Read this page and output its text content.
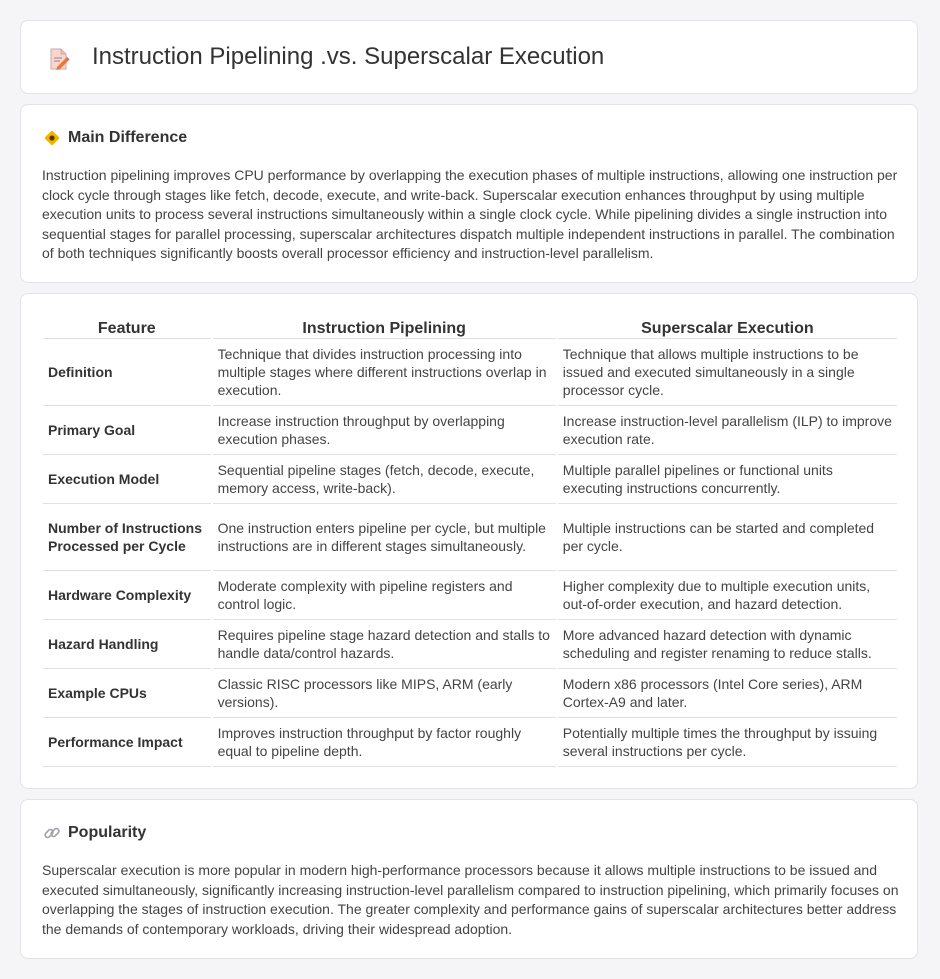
Instruction Pipelining .vs. Superscalar Execution
Main Difference

Instruction pipelining improves CPU performance by overlapping the execution phases of multiple instructions, allowing one instruction per clock cycle through stages like fetch, decode, execute, and write-back. Superscalar execution enhances throughput by using multiple execution units to process several instructions simultaneously within a single clock cycle. While pipelining divides a single instruction into sequential stages for parallel processing, superscalar architectures dispatch multiple independent instructions in parallel. The combination of both techniques significantly boosts overall processor efficiency and instruction-level parallelism.

Feature	Instruction Pipelining	Superscalar Execution
Definition	Technique that divides instruction processing into multiple stages where different instructions overlap in execution.	Technique that allows multiple instructions to be issued and executed simultaneously in a single processor cycle.
Primary Goal	Increase instruction throughput by overlapping execution phases.	Increase instruction-level parallelism (ILP) to improve execution rate.
Execution Model	Sequential pipeline stages (fetch, decode, execute, memory access, write-back).	Multiple parallel pipelines or functional units executing instructions concurrently.
Number of Instructions Processed per Cycle	One instruction enters pipeline per cycle, but multiple instructions are in different stages simultaneously.	Multiple instructions can be started and completed per cycle.
Hardware Complexity	Moderate complexity with pipeline registers and control logic.	Higher complexity due to multiple execution units, out-of-order execution, and hazard detection.
Hazard Handling	Requires pipeline stage hazard detection and stalls to handle data/control hazards.	More advanced hazard detection with dynamic scheduling and register renaming to reduce stalls.
Example CPUs	Classic RISC processors like MIPS, ARM (early versions).	Modern x86 processors (Intel Core series), ARM Cortex-A9 and later.
Performance Impact	Improves instruction throughput by factor roughly equal to pipeline depth.	Potentially multiple times the throughput by issuing several instructions per cycle.
Popularity

Superscalar execution is more popular in modern high-performance processors because it allows multiple instructions to be issued and executed simultaneously, significantly increasing instruction-level parallelism compared to instruction pipelining, which primarily focuses on overlapping the stages of instruction execution. The greater complexity and performance gains of superscalar architectures better address the demands of contemporary workloads, driving their widespread adoption.
